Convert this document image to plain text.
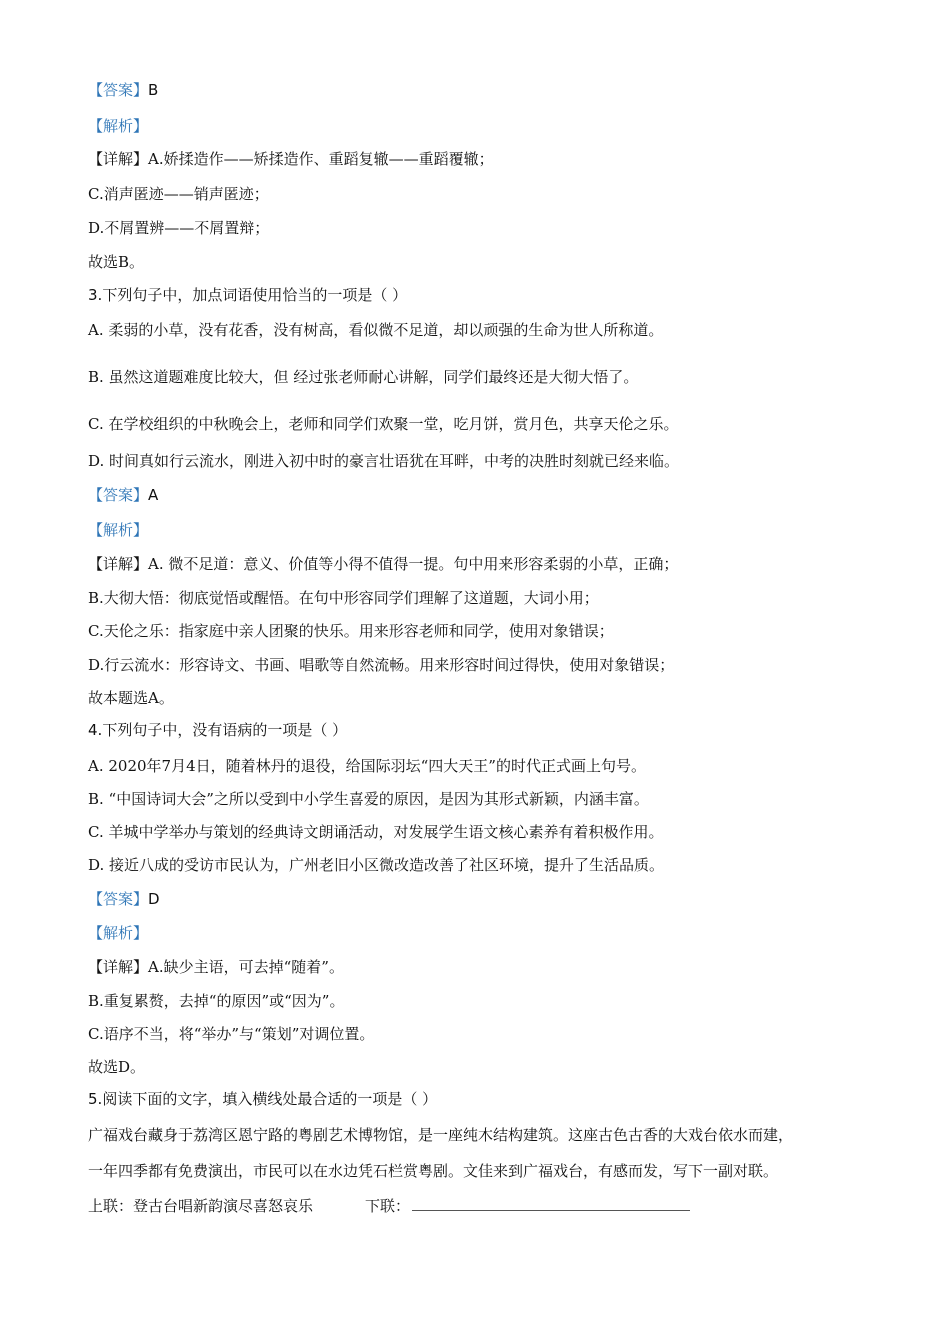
【答案】B
【解析】
【详解】A.娇揉造作——矫揉造作、重蹈复辙——重蹈覆辙；
C.消声匿迹——销声匿迹；
D.不屑置辨——不屑置辩；
故选B。
3.下列句子中，加点词语使用恰当的一项是（ ）
A. 柔弱的小草，没有花香，没有树高，看似微不足道，却以顽强的生命为世人所称道。
B. 虽然这道题难度比较大，但 经过张老师耐心讲解，同学们最终还是大彻大悟了。
C. 在学校组织的中秋晚会上，老师和同学们欢聚一堂，吃月饼，赏月色，共享天伦之乐。
D. 时间真如行云流水，刚进入初中时的豪言壮语犹在耳畔，中考的决胜时刻就已经来临。
【答案】A
【解析】
【详解】A. 微不足道：意义、价值等小得不值得一提。句中用来形容柔弱的小草，正确；
B.大彻大悟：彻底觉悟或醒悟。在句中形容同学们理解了这道题，大词小用；
C.天伦之乐：指家庭中亲人团聚的快乐。用来形容老师和同学，使用对象错误；
D.行云流水：形容诗文、书画、唱歌等自然流畅。用来形容时间过得快，使用对象错误；
故本题选A。
4.下列句子中，没有语病的一项是（ ）
A. 2020年7月4日，随着林丹的退役，给国际羽坛“四大天王”的时代正式画上句号。
B. “中国诗词大会”之所以受到中小学生喜爱的原因，是因为其形式新颖，内涵丰富。
C. 羊城中学举办与策划的经典诗文朗诵活动，对发展学生语文核心素养有着积极作用。
D. 接近八成的受访市民认为，广州老旧小区微改造改善了社区环境，提升了生活品质。
【答案】D
【解析】
【详解】A.缺少主语，可去掉“随着”。
B.重复累赘，去掉“的原因”或“因为”。
C.语序不当，将“举办”与“策划”对调位置。
故选D。
5.阅读下面的文字，填入横线处最合适的一项是（ ）
广福戏台藏身于荔湾区恩宁路的粤剧艺术博物馆，是一座纯木结构建筑。这座古色古香的大戏台依水而建，
一年四季都有免费演出，市民可以在水边凭石栏赏粤剧。文佳来到广福戏台，有感而发，写下一副对联。
上联：登古台唱新韵演尽喜怒哀乐	下联：
